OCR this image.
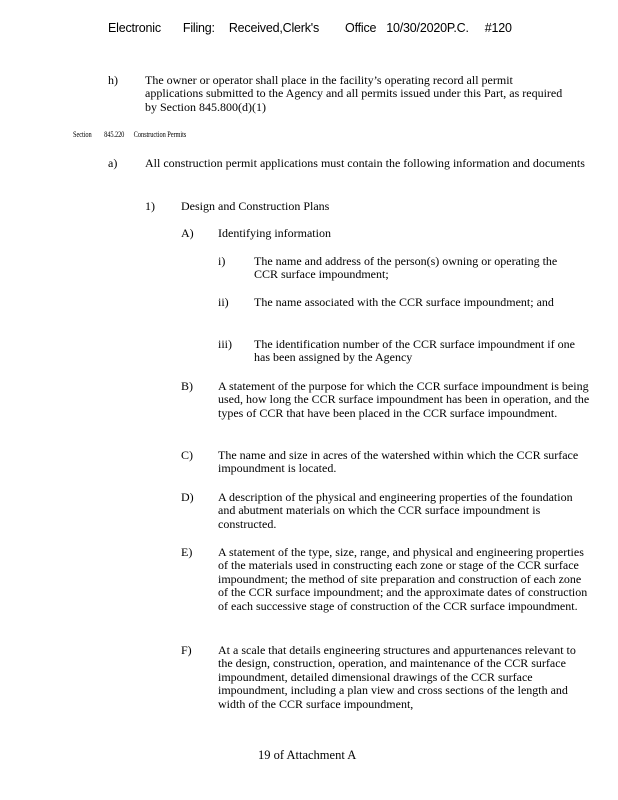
Electronic Filing: Received,Clerk's Office 10/30/2020P.C. #120
h) The owner or operator shall place in the facility’s operating record all permit applications submitted to the Agency and all permits issued under this Part, as required by Section 845.800(d)(1)
Section 845.220 Construction Permits
a) All construction permit applications must contain the following information and documents
1) Design and Construction Plans
A) Identifying information
i) The name and address of the person(s) owning or operating the CCR surface impoundment;
ii) The name associated with the CCR surface impoundment; and
iii) The identification number of the CCR surface impoundment if one has been assigned by the Agency
B) A statement of the purpose for which the CCR surface impoundment is being used, how long the CCR surface impoundment has been in operation, and the types of CCR that have been placed in the CCR surface impoundment.
C) The name and size in acres of the watershed within which the CCR surface impoundment is located.
D) A description of the physical and engineering properties of the foundation and abutment materials on which the CCR surface impoundment is constructed.
E) A statement of the type, size, range, and physical and engineering properties of the materials used in constructing each zone or stage of the CCR surface impoundment; the method of site preparation and construction of each zone of the CCR surface impoundment; and the approximate dates of construction of each successive stage of construction of the CCR surface impoundment.
F) At a scale that details engineering structures and appurtenances relevant to the design, construction, operation, and maintenance of the CCR surface impoundment, detailed dimensional drawings of the CCR surface impoundment, including a plan view and cross sections of the length and width of the CCR surface impoundment,
19 of Attachment A
